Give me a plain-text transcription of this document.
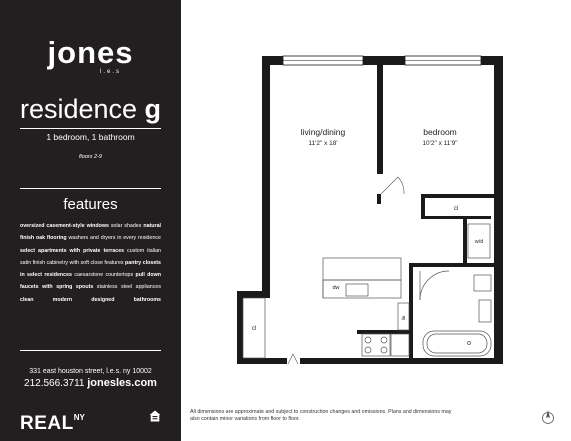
jones
l.e.s
residence g
1 bedroom, 1 bathroom
floors 2-9
features
oversized casement-style windows solar shades natural finish oak flooring washers and dryers in every residence select apartments with private terraces custom italian satin finish cabinetry with soft close features pantry closets in select residences caesarstone countertops pull down faucets with spring spouts stainless steel appliances clean modern designed bathrooms
331 east houston street, l.e.s. ny 10002
212.566.3711 jonesles.com
$REAL^{NY}$
cl
w/d
dw
lin
cl
living/dining
11'2" x 18'
bedroom
10'2" x 11'9"
All dimensions are approximate and subject to construction changes and omissions. Plans and dimensions may also contain minor variations from floor to floor.
